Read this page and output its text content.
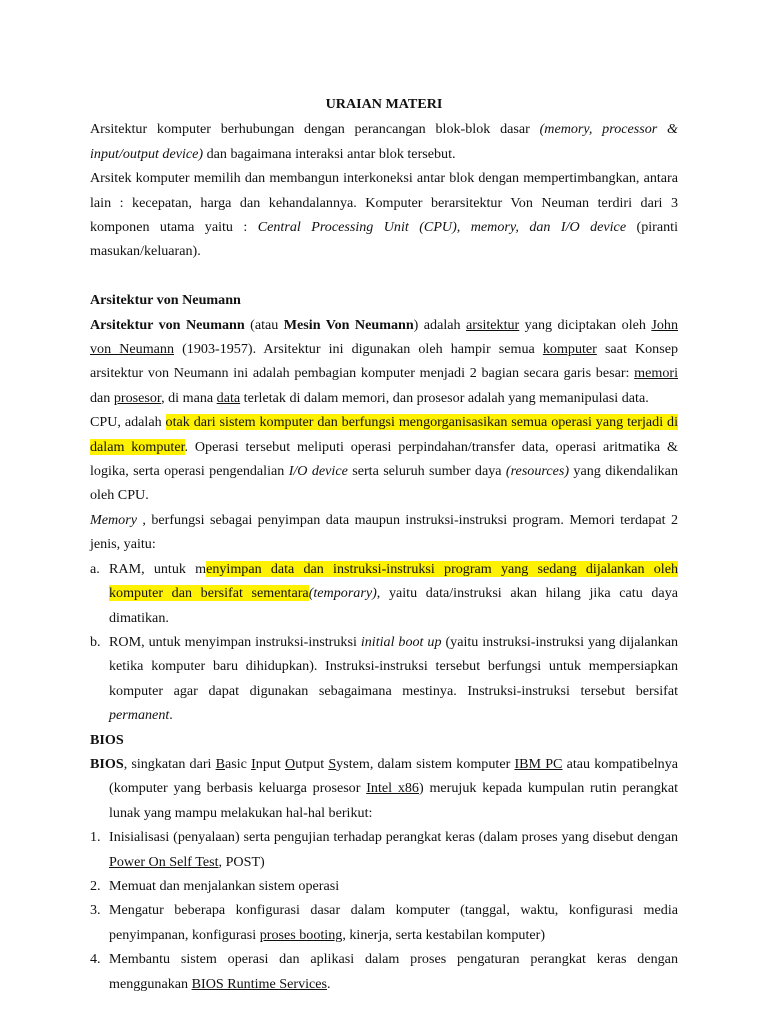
URAIAN MATERI

Arsitektur komputer berhubungan dengan perancangan blok-blok dasar (memory, processor & input/output device) dan bagaimana interaksi antar blok tersebut.

Arsitek komputer memilih dan membangun interkoneksi antar blok dengan mempertimbangkan, antara lain : kecepatan, harga dan kehandalannya. Komputer berarsitektur Von Neuman terdiri dari 3 komponen utama yaitu : Central Processing Unit (CPU), memory, dan I/O device (piranti masukan/keluaran).

Arsitektur von Neumann

Arsitektur von Neumann (atau Mesin Von Neumann) adalah arsitektur yang diciptakan oleh John von Neumann (1903-1957). Arsitektur ini digunakan oleh hampir semua komputer saat Konsep arsitektur von Neumann ini adalah pembagian komputer menjadi 2 bagian secara garis besar: memori dan prosesor, di mana data terletak di dalam memori, dan prosesor adalah yang memanipulasi data.

CPU, adalah otak dari sistem komputer dan berfungsi mengorganisasikan semua operasi yang terjadi di dalam komputer. Operasi tersebut meliputi operasi perpindahan/transfer data, operasi aritmatika & logika, serta operasi pengendalian I/O device serta seluruh sumber daya (resources) yang dikendalikan oleh CPU.

Memory , berfungsi sebagai penyimpan data maupun instruksi-instruksi program. Memori terdapat 2 jenis, yaitu:

a. RAM, untuk menyimpan data dan instruksi-instruksi program yang sedang dijalankan oleh komputer dan bersifat sementara(temporary), yaitu data/instruksi akan hilang jika catu daya dimatikan.

b. ROM, untuk menyimpan instruksi-instruksi initial boot up (yaitu instruksi-instruksi yang dijalankan ketika komputer baru dihidupkan). Instruksi-instruksi tersebut berfungsi untuk mempersiapkan komputer agar dapat digunakan sebagaimana mestinya. Instruksi-instruksi tersebut bersifat permanent.

BIOS

BIOS, singkatan dari Basic Input Output System, dalam sistem komputer IBM PC atau kompatibelnya (komputer yang berbasis keluarga prosesor Intel x86) merujuk kepada kumpulan rutin perangkat lunak yang mampu melakukan hal-hal berikut:

1. Inisialisasi (penyalaan) serta pengujian terhadap perangkat keras (dalam proses yang disebut dengan Power On Self Test, POST)

2. Memuat dan menjalankan sistem operasi

3. Mengatur beberapa konfigurasi dasar dalam komputer (tanggal, waktu, konfigurasi media penyimpanan, konfigurasi proses booting, kinerja, serta kestabilan komputer)

4. Membantu sistem operasi dan aplikasi dalam proses pengaturan perangkat keras dengan menggunakan BIOS Runtime Services.
